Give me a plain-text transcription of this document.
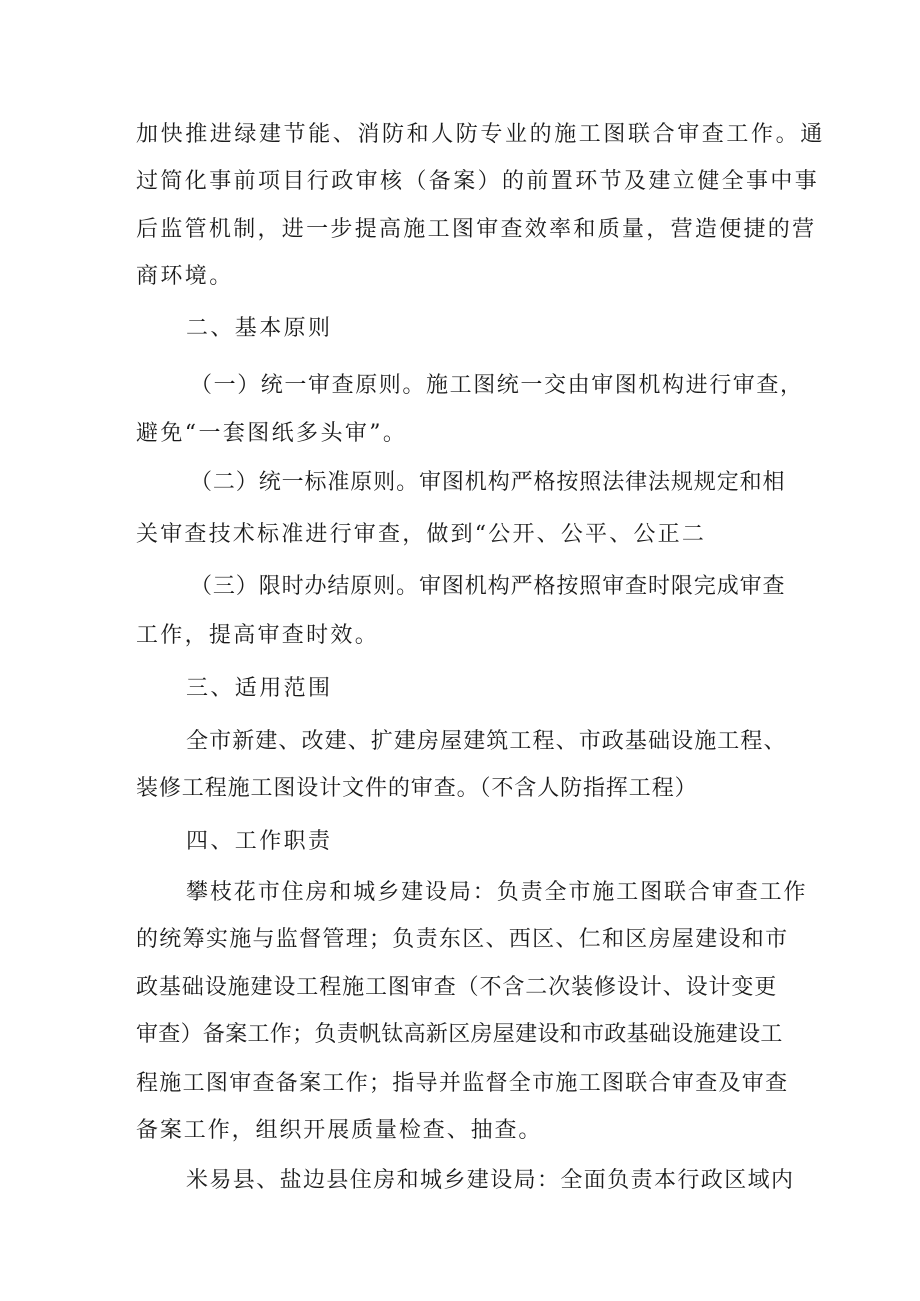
加快推进绿建节能、消防和人防专业的施工图联合审查工作。通

过简化事前项目行政审核（备案）的前置环节及建立健全事中事

后监管机制，进一步提高施工图审查效率和质量，营造便捷的营

商环境。

二、基本原则

（一）统一审查原则。施工图统一交由审图机构进行审查，

避免“一套图纸多头审”。

（二）统一标准原则。审图机构严格按照法律法规规定和相

关审查技术标准进行审查，做到“公开、公平、公正二

（三）限时办结原则。审图机构严格按照审查时限完成审查

工作，提高审查时效。

三、适用范围

全市新建、改建、扩建房屋建筑工程、市政基础设施工程、

装修工程施工图设计文件的审查。（不含人防指挥工程）

四、工作职责

攀枝花市住房和城乡建设局：负责全市施工图联合审查工作

的统筹实施与监督管理；负责东区、西区、仁和区房屋建设和市

政基础设施建设工程施工图审查（不含二次装修设计、设计变更

审查）备案工作；负责帆钛高新区房屋建设和市政基础设施建设工

程施工图审查备案工作；指导并监督全市施工图联合审查及审查

备案工作，组织开展质量检查、抽查。

米易县、盐边县住房和城乡建设局：全面负责本行政区域内
